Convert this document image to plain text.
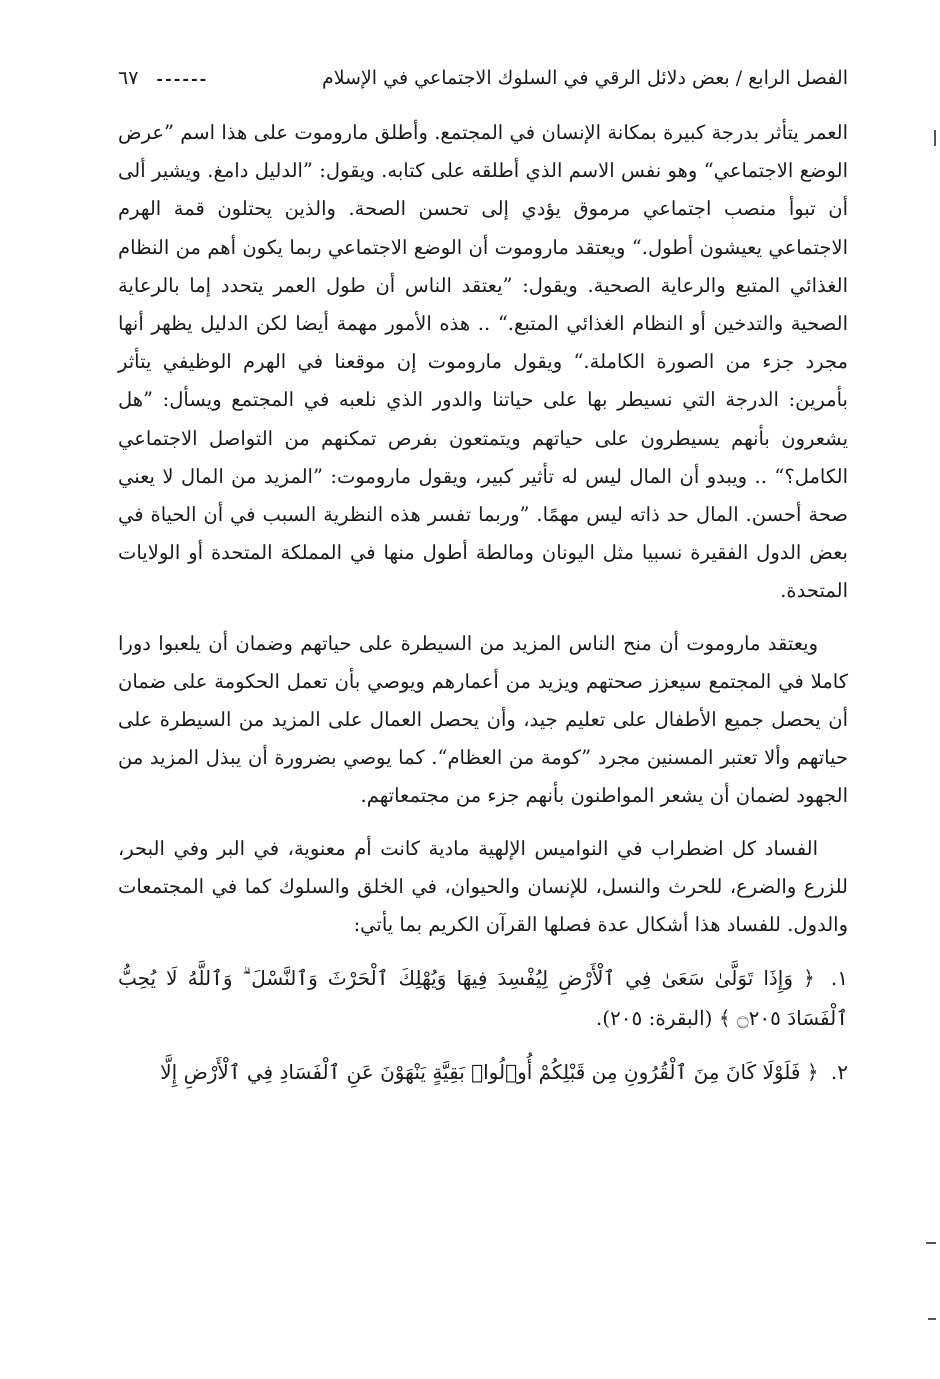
الفصل الرابع / بعض دلائل الرقي في السلوك الاجتماعي في الإسلام
٦٧ ------

العمر يتأثر بدرجة كبيرة بمكانة الإنسان في المجتمع. وأطلق ماروموت على هذا اسم ”عرض الوضع الاجتماعي“ وهو نفس الاسم الذي أطلقه على كتابه. ويقول: ”الدليل دامغ. ويشير ألى أن تبوأ منصب اجتماعي مرموق يؤدي إلى تحسن الصحة. والذين يحتلون قمة الهرم الاجتماعي يعيشون أطول.“ ويعتقد ماروموت أن الوضع الاجتماعي ربما يكون أهم من النظام الغذائي المتبع والرعاية الصحية. ويقول: ”يعتقد الناس أن طول العمر يتحدد إما بالرعاية الصحية والتدخين أو النظام الغذائي المتبع.“ .. هذه الأمور مهمة أيضا لكن الدليل يظهر أنها مجرد جزء من الصورة الكاملة.“ ويقول ماروموت إن موقعنا في الهرم الوظيفي يتأثر بأمرين: الدرجة التي نسيطر بها على حياتنا والدور الذي نلعبه في المجتمع ويسأل: ”هل يشعرون بأنهم يسيطرون على حياتهم ويتمتعون بفرص تمكنهم من التواصل الاجتماعي الكامل؟“ .. ويبدو أن المال ليس له تأثير كبير، ويقول ماروموت: ”المزيد من المال لا يعني صحة أحسن. المال حد ذاته ليس مهمًا. ”وربما تفسر هذه النظرية السبب في أن الحياة في بعض الدول الفقيرة نسبيا مثل اليونان ومالطة أطول منها في المملكة المتحدة أو الولايات المتحدة.

ويعتقد ماروموت أن منح الناس المزيد من السيطرة على حياتهم وضمان أن يلعبوا دورا كاملا في المجتمع سيعزز صحتهم ويزيد من أعمارهم ويوصي بأن تعمل الحكومة على ضمان أن يحصل جميع الأطفال على تعليم جيد، وأن يحصل العمال على المزيد من السيطرة على حياتهم وألا تعتبر المسنين مجرد ”كومة من العظام“. كما يوصي بضرورة أن يبذل المزيد من الجهود لضمان أن يشعر المواطنون بأنهم جزء من مجتمعاتهم.

الفساد كل اضطراب في النواميس الإلهية مادية كانت أم معنوية، في البر وفي البحر، للزرع والضرع، للحرث والنسل، للإنسان والحيوان، في الخلق والسلوك كما في المجتمعات والدول. للفساد هذا أشكال عدة فصلها القرآن الكريم بما يأتي:

١. ﴿ وَإِذَا تَوَلَّىٰ سَعَىٰ فِي ٱلْأَرْضِ لِيُفْسِدَ فِيهَا وَيُهْلِكَ ٱلْحَرْثَ وَٱلنَّسْلَ ۗ وَٱللَّهُ لَا يُحِبُّ ٱلْفَسَادَ ۝٢٠٥ ﴾ (البقرة: ٢٠٥).

٢. ﴿ فَلَوْلَا كَانَ مِنَ ٱلْقُرُونِ مِن قَبْلِكُمْ أُو۟لُوا۟ بَقِيَّةٍ يَنْهَوْنَ عَنِ ٱلْفَسَادِ فِي ٱلْأَرْضِ إِلَّا
